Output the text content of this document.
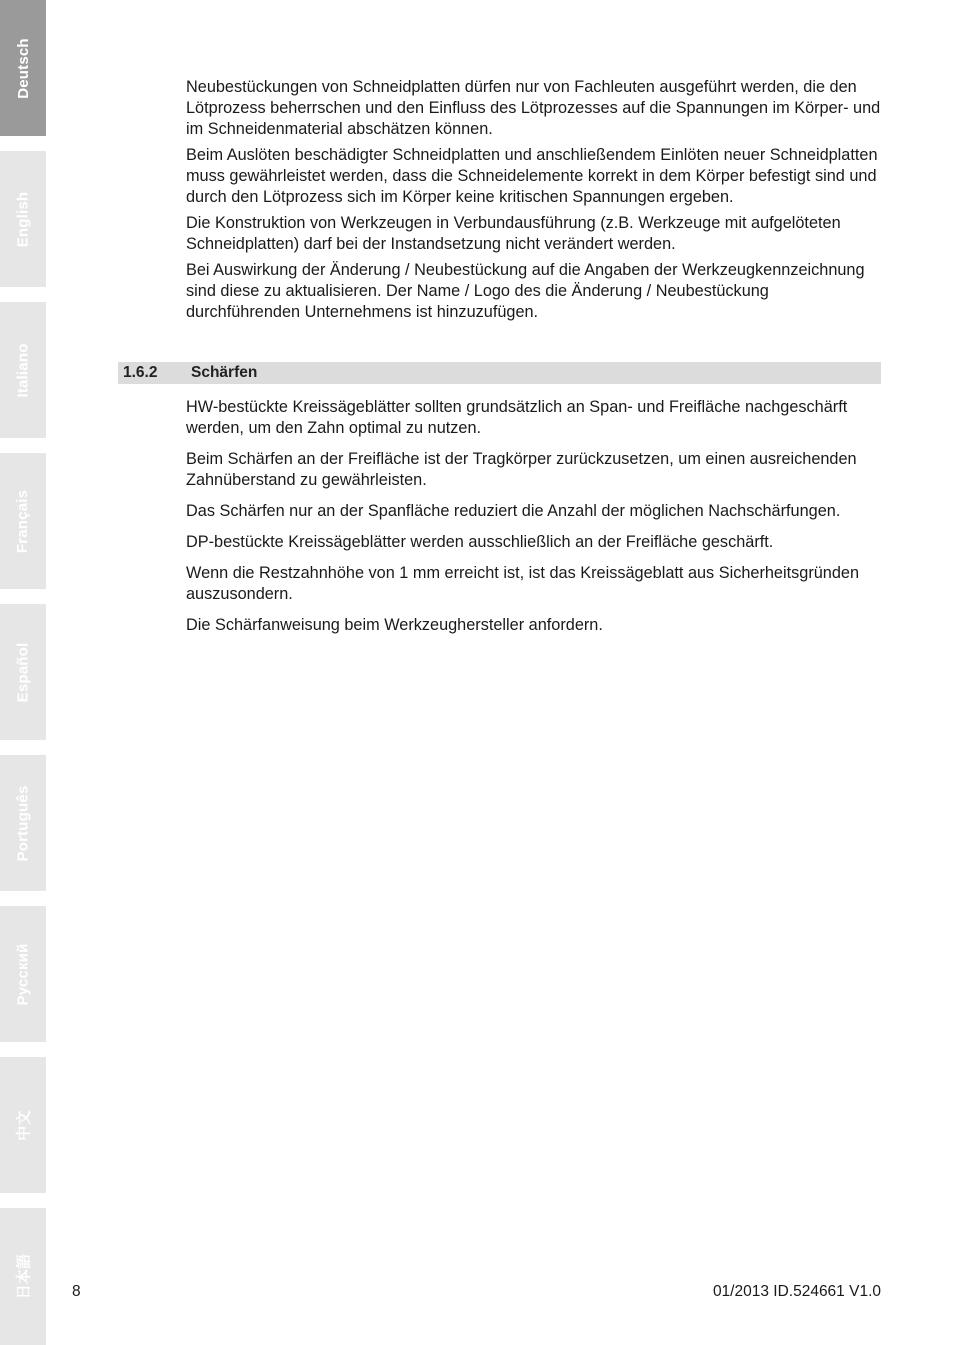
Deutsch
English
Italiano
Français
Español
Português
Русский
中文
日本語

Neubestückungen von Schneidplatten dürfen nur von Fachleuten ausgeführt werden, die den Lötprozess beherrschen und den Einfluss des Lötprozesses auf die Spannungen im Körper- und im Schneidenmaterial abschätzen können.

Beim Auslöten beschädigter Schneidplatten und anschließendem Einlöten neuer Schneidplatten muss gewährleistet werden, dass die Schneidelemente korrekt in dem Körper befestigt sind und durch den Lötprozess sich im Körper keine kritischen Spannungen ergeben.

Die Konstruktion von Werkzeugen in Verbundausführung (z.B. Werkzeuge mit aufgelöteten Schneidplatten) darf bei der Instandsetzung nicht verändert werden.

Bei Auswirkung der Änderung / Neubestückung auf die Angaben der Werkzeugkennzeichnung sind diese zu aktualisieren. Der Name / Logo des die Änderung / Neubestückung durchführenden Unternehmens ist hinzuzufügen.

1.6.2 Schärfen

HW-bestückte Kreissägeblätter sollten grundsätzlich an Span- und Freifläche nachgeschärft werden, um den Zahn optimal zu nutzen.

Beim Schärfen an der Freifläche ist der Tragkörper zurückzusetzen, um einen ausreichenden Zahnüberstand zu gewährleisten.

Das Schärfen nur an der Spanfläche reduziert die Anzahl der möglichen Nachschärfungen.

DP-bestückte Kreissägeblätter werden ausschließlich an der Freifläche geschärft.

Wenn die Restzahnhöhe von 1 mm erreicht ist, ist das Kreissägeblatt aus Sicherheitsgründen auszusondern.

Die Schärfanweisung beim Werkzeughersteller anfordern.

8	01/2013 ID.524661 V1.0
